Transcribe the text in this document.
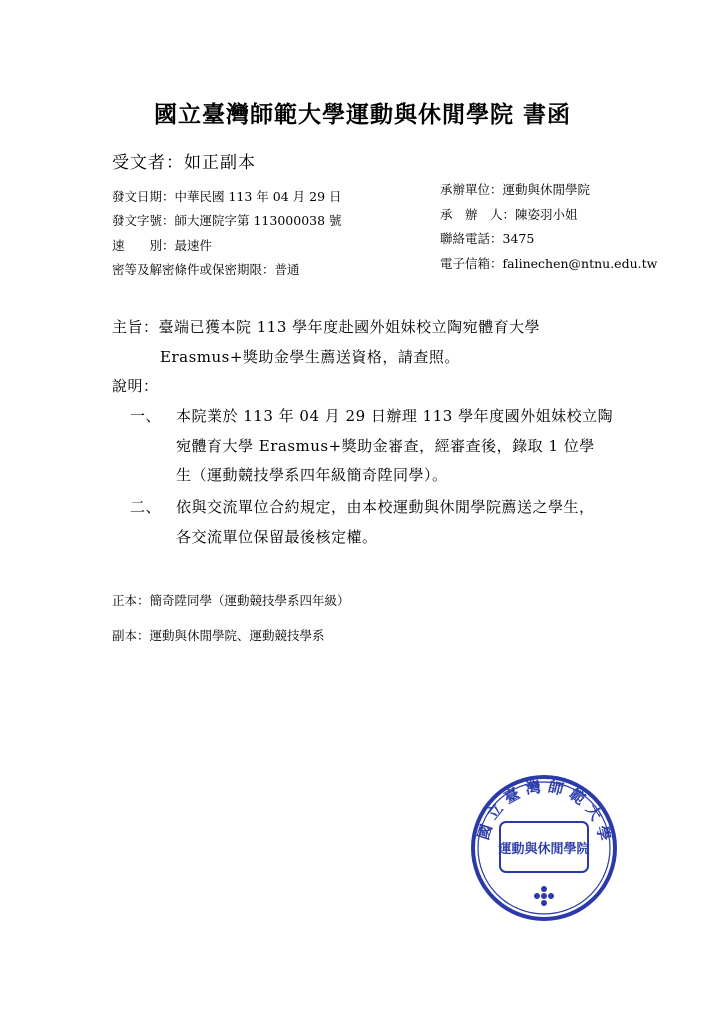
國立臺灣師範大學運動與休閒學院 書函
受文者：如正副本
發文日期：中華民國 113 年 04 月 29 日
發文字號：師大運院字第 113000038 號
速　　別：最速件
密等及解密條件或保密期限：普通
承辦單位：運動與休閒學院
承　辦　人：陳姿羽小姐
聯絡電話：3475
電子信箱：falinechen@ntnu.edu.tw
主旨：臺端已獲本院 113 學年度赴國外姐妹校立陶宛體育大學
Erasmus+獎助金學生薦送資格，請查照。
說明：
一、 本院業於 113 年 04 月 29 日辦理 113 學年度國外姐妹校立陶
宛體育大學 Erasmus+獎助金審查，經審查後，錄取 1 位學
生（運動競技學系四年級簡奇陞同學）。
二、 依與交流單位合約規定，由本校運動與休閒學院薦送之學生，
各交流單位保留最後核定權。
正本：簡奇陞同學（運動競技學系四年級）
副本：運動與休閒學院、運動競技學系
國立臺灣師範大學
運動與休閒學院
